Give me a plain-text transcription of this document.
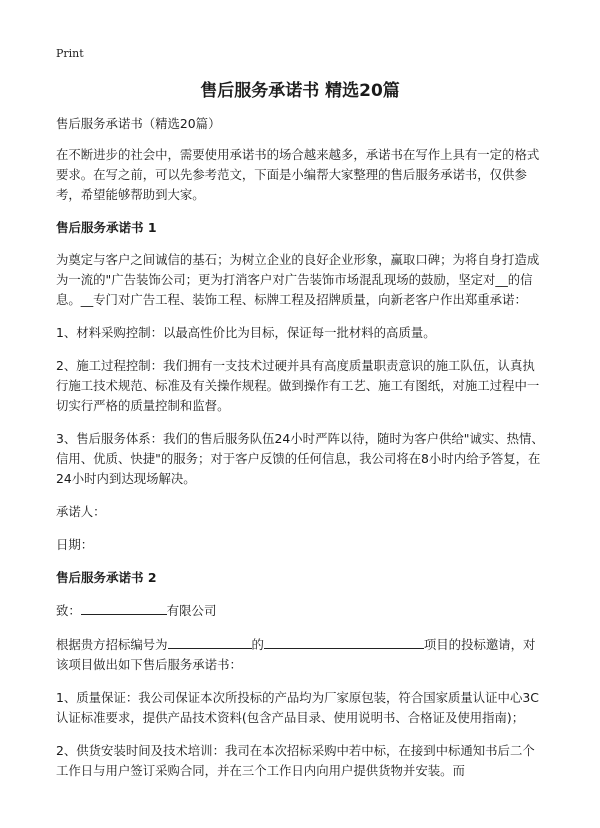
Print
售后服务承诺书 精选20篇

售后服务承诺书（精选20篇）

在不断进步的社会中，需要使用承诺书的场合越来越多，承诺书在写作上具有一定的格式要求。在写之前，可以先参考范文，下面是小编帮大家整理的售后服务承诺书，仅供参考，希望能够帮助到大家。

售后服务承诺书 1

为奠定与客户之间诚信的基石；为树立企业的良好企业形象，赢取口碑；为将自身打造成为一流的"广告装饰公司；更为打消客户对广告装饰市场混乱现场的鼓励，坚定对__的信息。__专门对广告工程、装饰工程、标牌工程及招牌质量，向新老客户作出郑重承诺：

1、材料采购控制：以最高性价比为目标，保证每一批材料的高质量。

2、施工过程控制：我们拥有一支技术过硬并具有高度质量职责意识的施工队伍，认真执行施工技术规范、标准及有关操作规程。做到操作有工艺、施工有图纸，对施工过程中一切实行严格的质量控制和监督。

3、售后服务体系：我们的售后服务队伍24小时严阵以待，随时为客户供给"诚实、热情、信用、优质、快捷"的服务；对于客户反馈的任何信息，我公司将在8小时内给予答复，在24小时内到达现场解决。

承诺人：

日期：

售后服务承诺书 2

致：	有限公司

根据贵方招标编号为	的	项目的投标邀请，对该项目做出如下售后服务承诺书：

1、质量保证：我公司保证本次所投标的产品均为厂家原包装，符合国家质量认证中心3C认证标准要求，提供产品技术资料(包含产品目录、使用说明书、合格证及使用指南)；

2、供货安装时间及技术培训：我司在本次招标采购中若中标，在接到中标通知书后二个工作日与用户签订采购合同，并在三个工作日内向用户提供货物并安装。而
